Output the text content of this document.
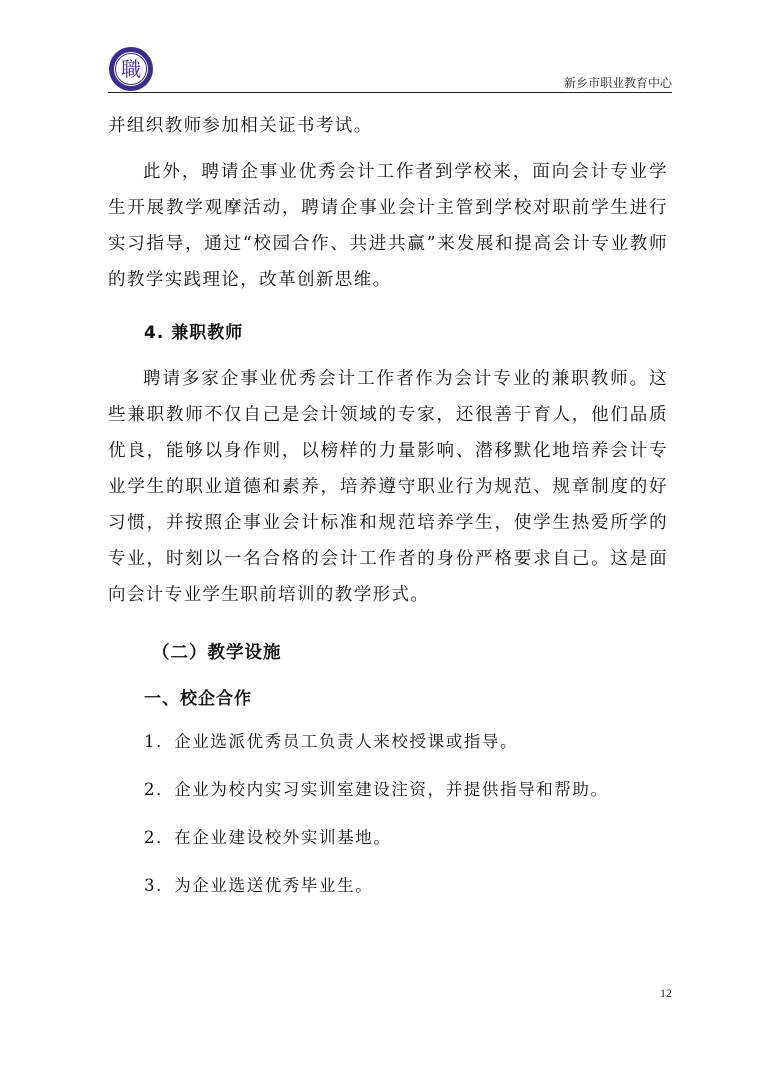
職
新乡市职业教育中心

并组织教师参加相关证书考试。

此外，聘请企事业优秀会计工作者到学校来，面向会计专业学生开展教学观摩活动，聘请企事业会计主管到学校对职前学生进行实习指导，通过“校园合作、共进共赢”来发展和提高会计专业教师的教学实践理论，改革创新思维。

4. 兼职教师

聘请多家企事业优秀会计工作者作为会计专业的兼职教师。这些兼职教师不仅自己是会计领域的专家，还很善于育人，他们品质优良，能够以身作则，以榜样的力量影响、潜移默化地培养会计专业学生的职业道德和素养，培养遵守职业行为规范、规章制度的好习惯，并按照企事业会计标准和规范培养学生，使学生热爱所学的专业，时刻以一名合格的会计工作者的身份严格要求自己。这是面向会计专业学生职前培训的教学形式。

（二）教学设施
一、校企合作
1．企业选派优秀员工负责人来校授课或指导。
2．企业为校内实习实训室建设注资，并提供指导和帮助。
2．在企业建设校外实训基地。
3．为企业选送优秀毕业生。
12
